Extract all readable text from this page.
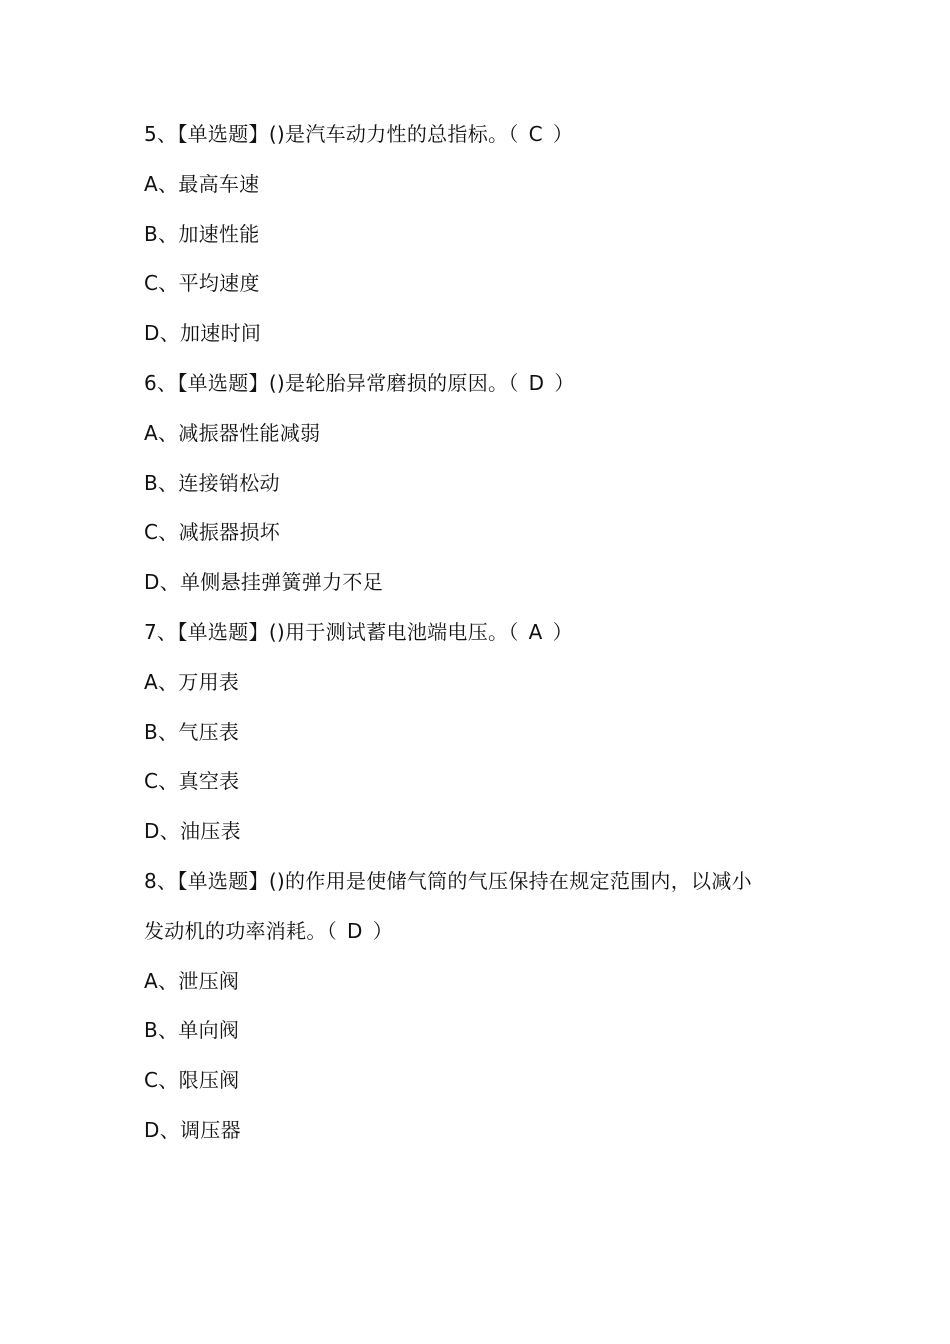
5、【单选题】()是汽车动力性的总指标。（ C ）
A、最高车速
B、加速性能
C、平均速度
D、加速时间
6、【单选题】()是轮胎异常磨损的原因。（ D ）
A、减振器性能减弱
B、连接销松动
C、减振器损坏
D、单侧悬挂弹簧弹力不足
7、【单选题】()用于测试蓄电池端电压。（ A ）
A、万用表
B、气压表
C、真空表
D、油压表
8、【单选题】()的作用是使储气筒的气压保持在规定范围内，以减小
发动机的功率消耗。（ D ）
A、泄压阀
B、单向阀
C、限压阀
D、调压器
